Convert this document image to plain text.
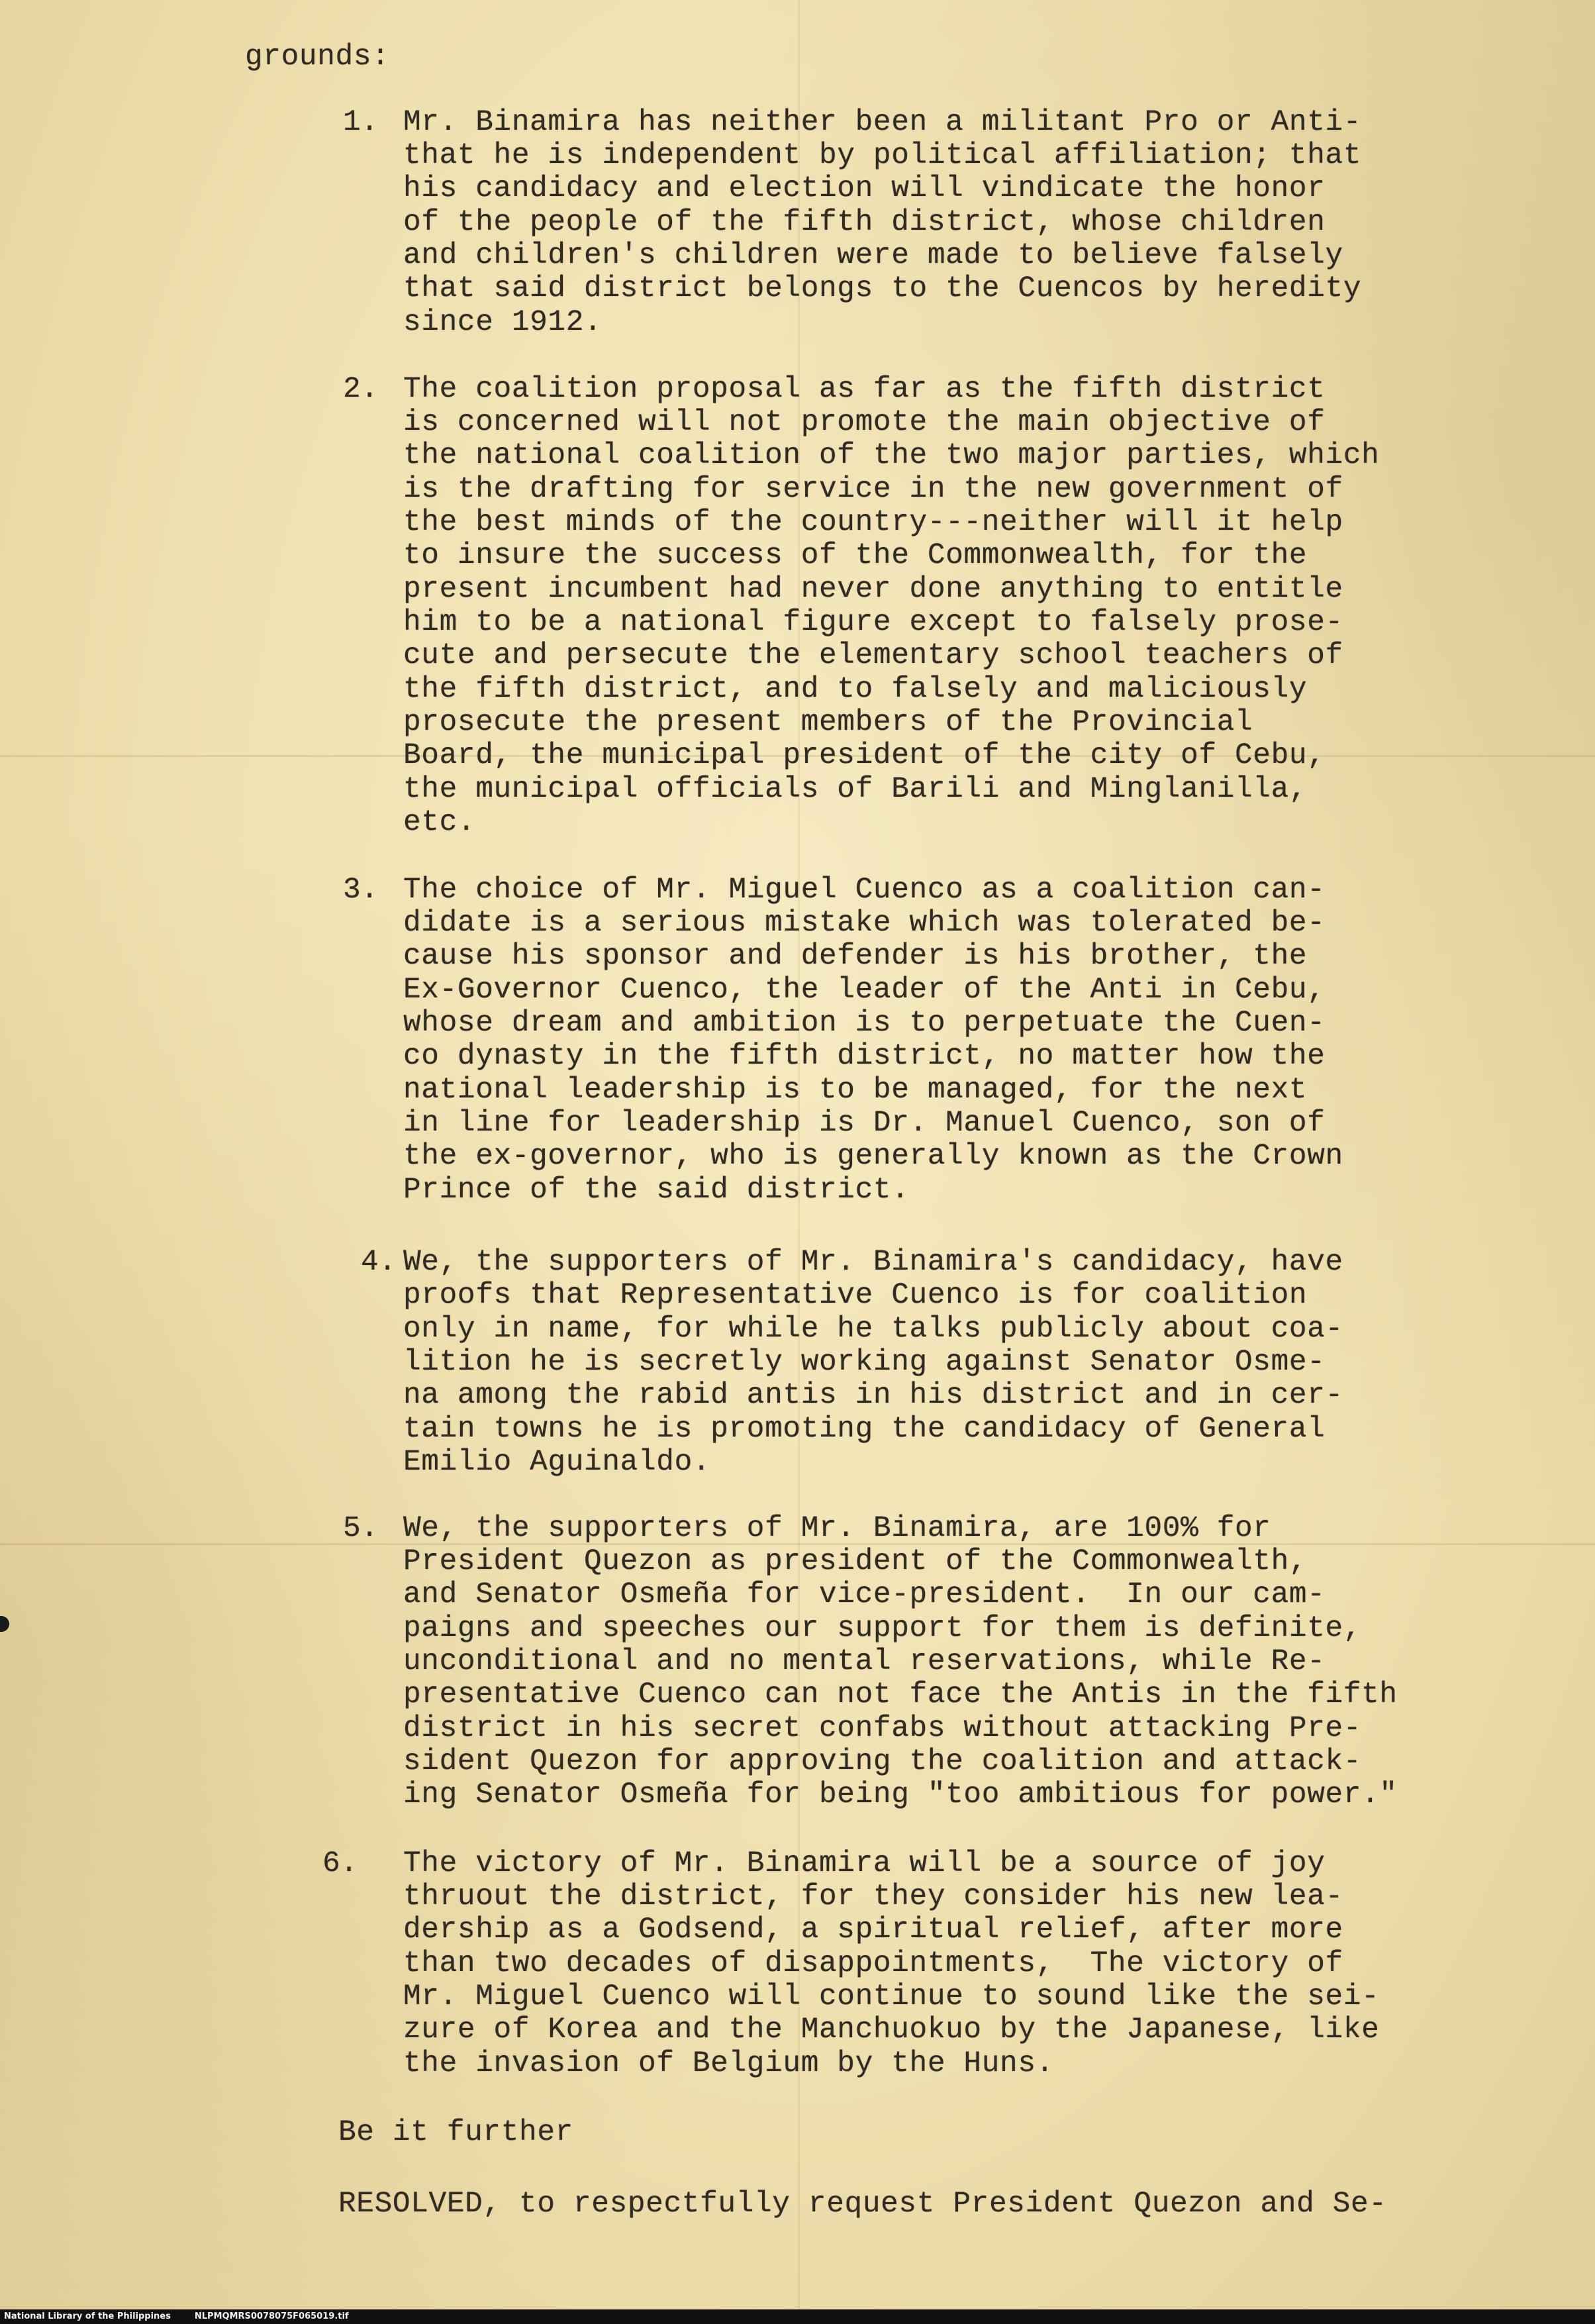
grounds:
1. Mr. Binamira has neither been a militant Pro or Anti-
that he is independent by political affiliation; that
his candidacy and election will vindicate the honor
of the people of the fifth district, whose children
and children's children were made to believe falsely
that said district belongs to the Cuencos by heredity
since 1912.
2. The coalition proposal as far as the fifth district
is concerned will not promote the main objective of
the national coalition of the two major parties, which
is the drafting for service in the new government of
the best minds of the country---neither will it help
to insure the success of the Commonwealth, for the
present incumbent had never done anything to entitle
him to be a national figure except to falsely prose-
cute and persecute the elementary school teachers of
the fifth district, and to falsely and maliciously
prosecute the present members of the Provincial
Board, the municipal president of the city of Cebu,
the municipal officials of Barili and Minglanilla,
etc.
3. The choice of Mr. Miguel Cuenco as a coalition can-
didate is a serious mistake which was tolerated be-
cause his sponsor and defender is his brother, the
Ex-Governor Cuenco, the leader of the Anti in Cebu,
whose dream and ambition is to perpetuate the Cuen-
co dynasty in the fifth district, no matter how the
national leadership is to be managed, for the next
in line for leadership is Dr. Manuel Cuenco, son of
the ex-governor, who is generally known as the Crown
Prince of the said district.
4. We, the supporters of Mr. Binamira's candidacy, have
proofs that Representative Cuenco is for coalition
only in name, for while he talks publicly about coa-
lition he is secretly working against Senator Osme-
na among the rabid antis in his district and in cer-
tain towns he is promoting the candidacy of General
Emilio Aguinaldo.
5. We, the supporters of Mr. Binamira, are 100% for
President Quezon as president of the Commonwealth,
and Senator Osmeña for vice-president.  In our cam-
paigns and speeches our support for them is definite,
unconditional and no mental reservations, while Re-
presentative Cuenco can not face the Antis in the fifth
district in his secret confabs without attacking Pre-
sident Quezon for approving the coalition and attack-
ing Senator Osmeña for being "too ambitious for power."
6. The victory of Mr. Binamira will be a source of joy
thruout the district, for they consider his new lea-
dership as a Godsend, a spiritual relief, after more
than two decades of disappointments,  The victory of
Mr. Miguel Cuenco will continue to sound like the sei-
zure of Korea and the Manchuokuo by the Japanese, like
the invasion of Belgium by the Huns.
Be it further
RESOLVED, to respectfully request President Quezon and Se-
National Library of the Philippines	NLPMQMRS0078075F065019.tif
